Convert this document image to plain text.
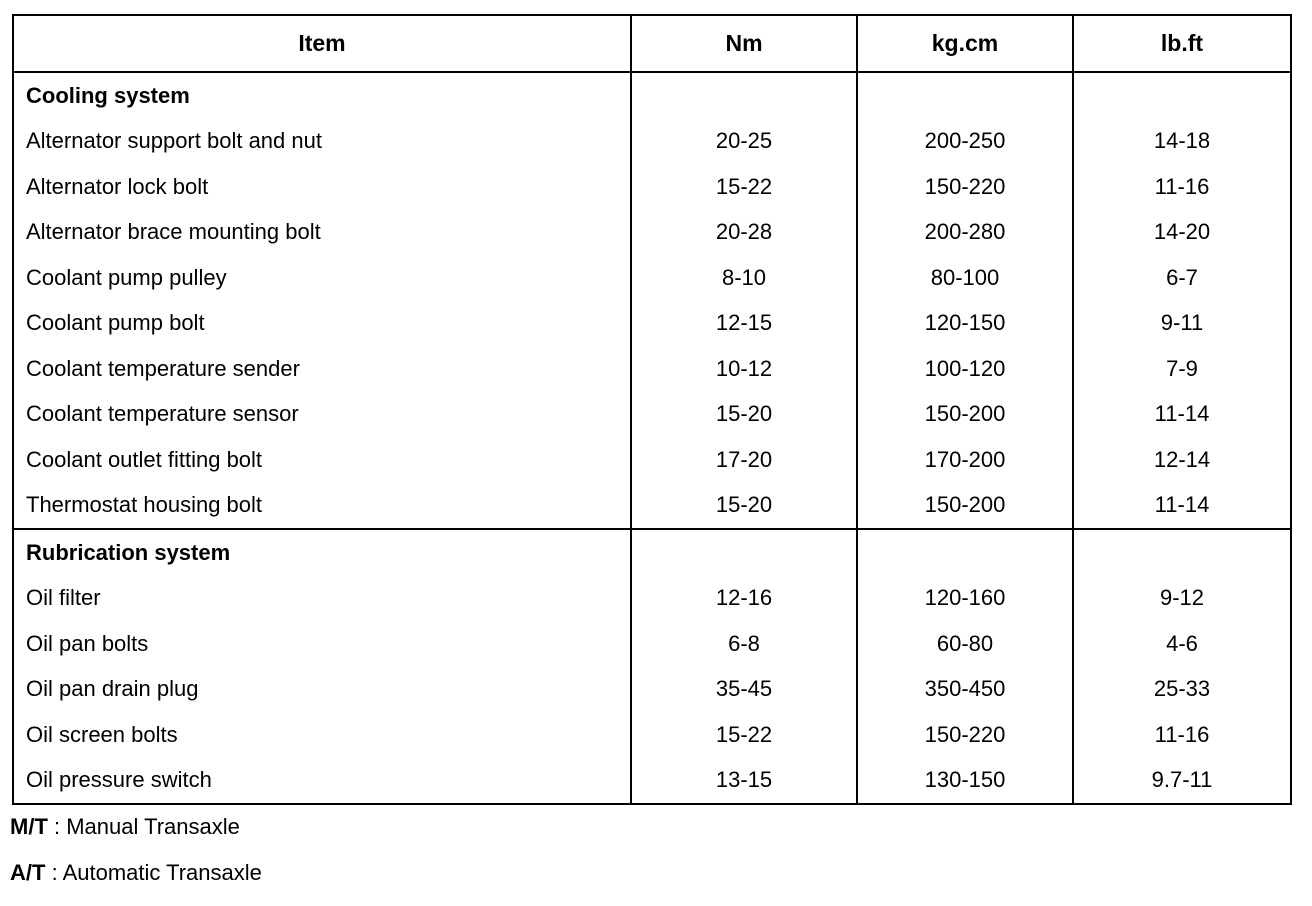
Item	Nm	kg.cm	lb.ft
Cooling system			
Alternator support bolt and nut	20-25	200-250	14-18
Alternator lock bolt	15-22	150-220	11-16
Alternator brace mounting bolt	20-28	200-280	14-20
Coolant pump pulley	8-10	80-100	6-7
Coolant pump bolt	12-15	120-150	9-11
Coolant temperature sender	10-12	100-120	7-9
Coolant temperature sensor	15-20	150-200	11-14
Coolant outlet fitting bolt	17-20	170-200	12-14
Thermostat housing bolt	15-20	150-200	11-14
Rubrication system			
Oil filter	12-16	120-160	9-12
Oil pan bolts	6-8	60-80	4-6
Oil pan drain plug	35-45	350-450	25-33
Oil screen bolts	15-22	150-220	11-16
Oil pressure switch	13-15	130-150	9.7-11
M/T : Manual Transaxle
A/T : Automatic Transaxle
